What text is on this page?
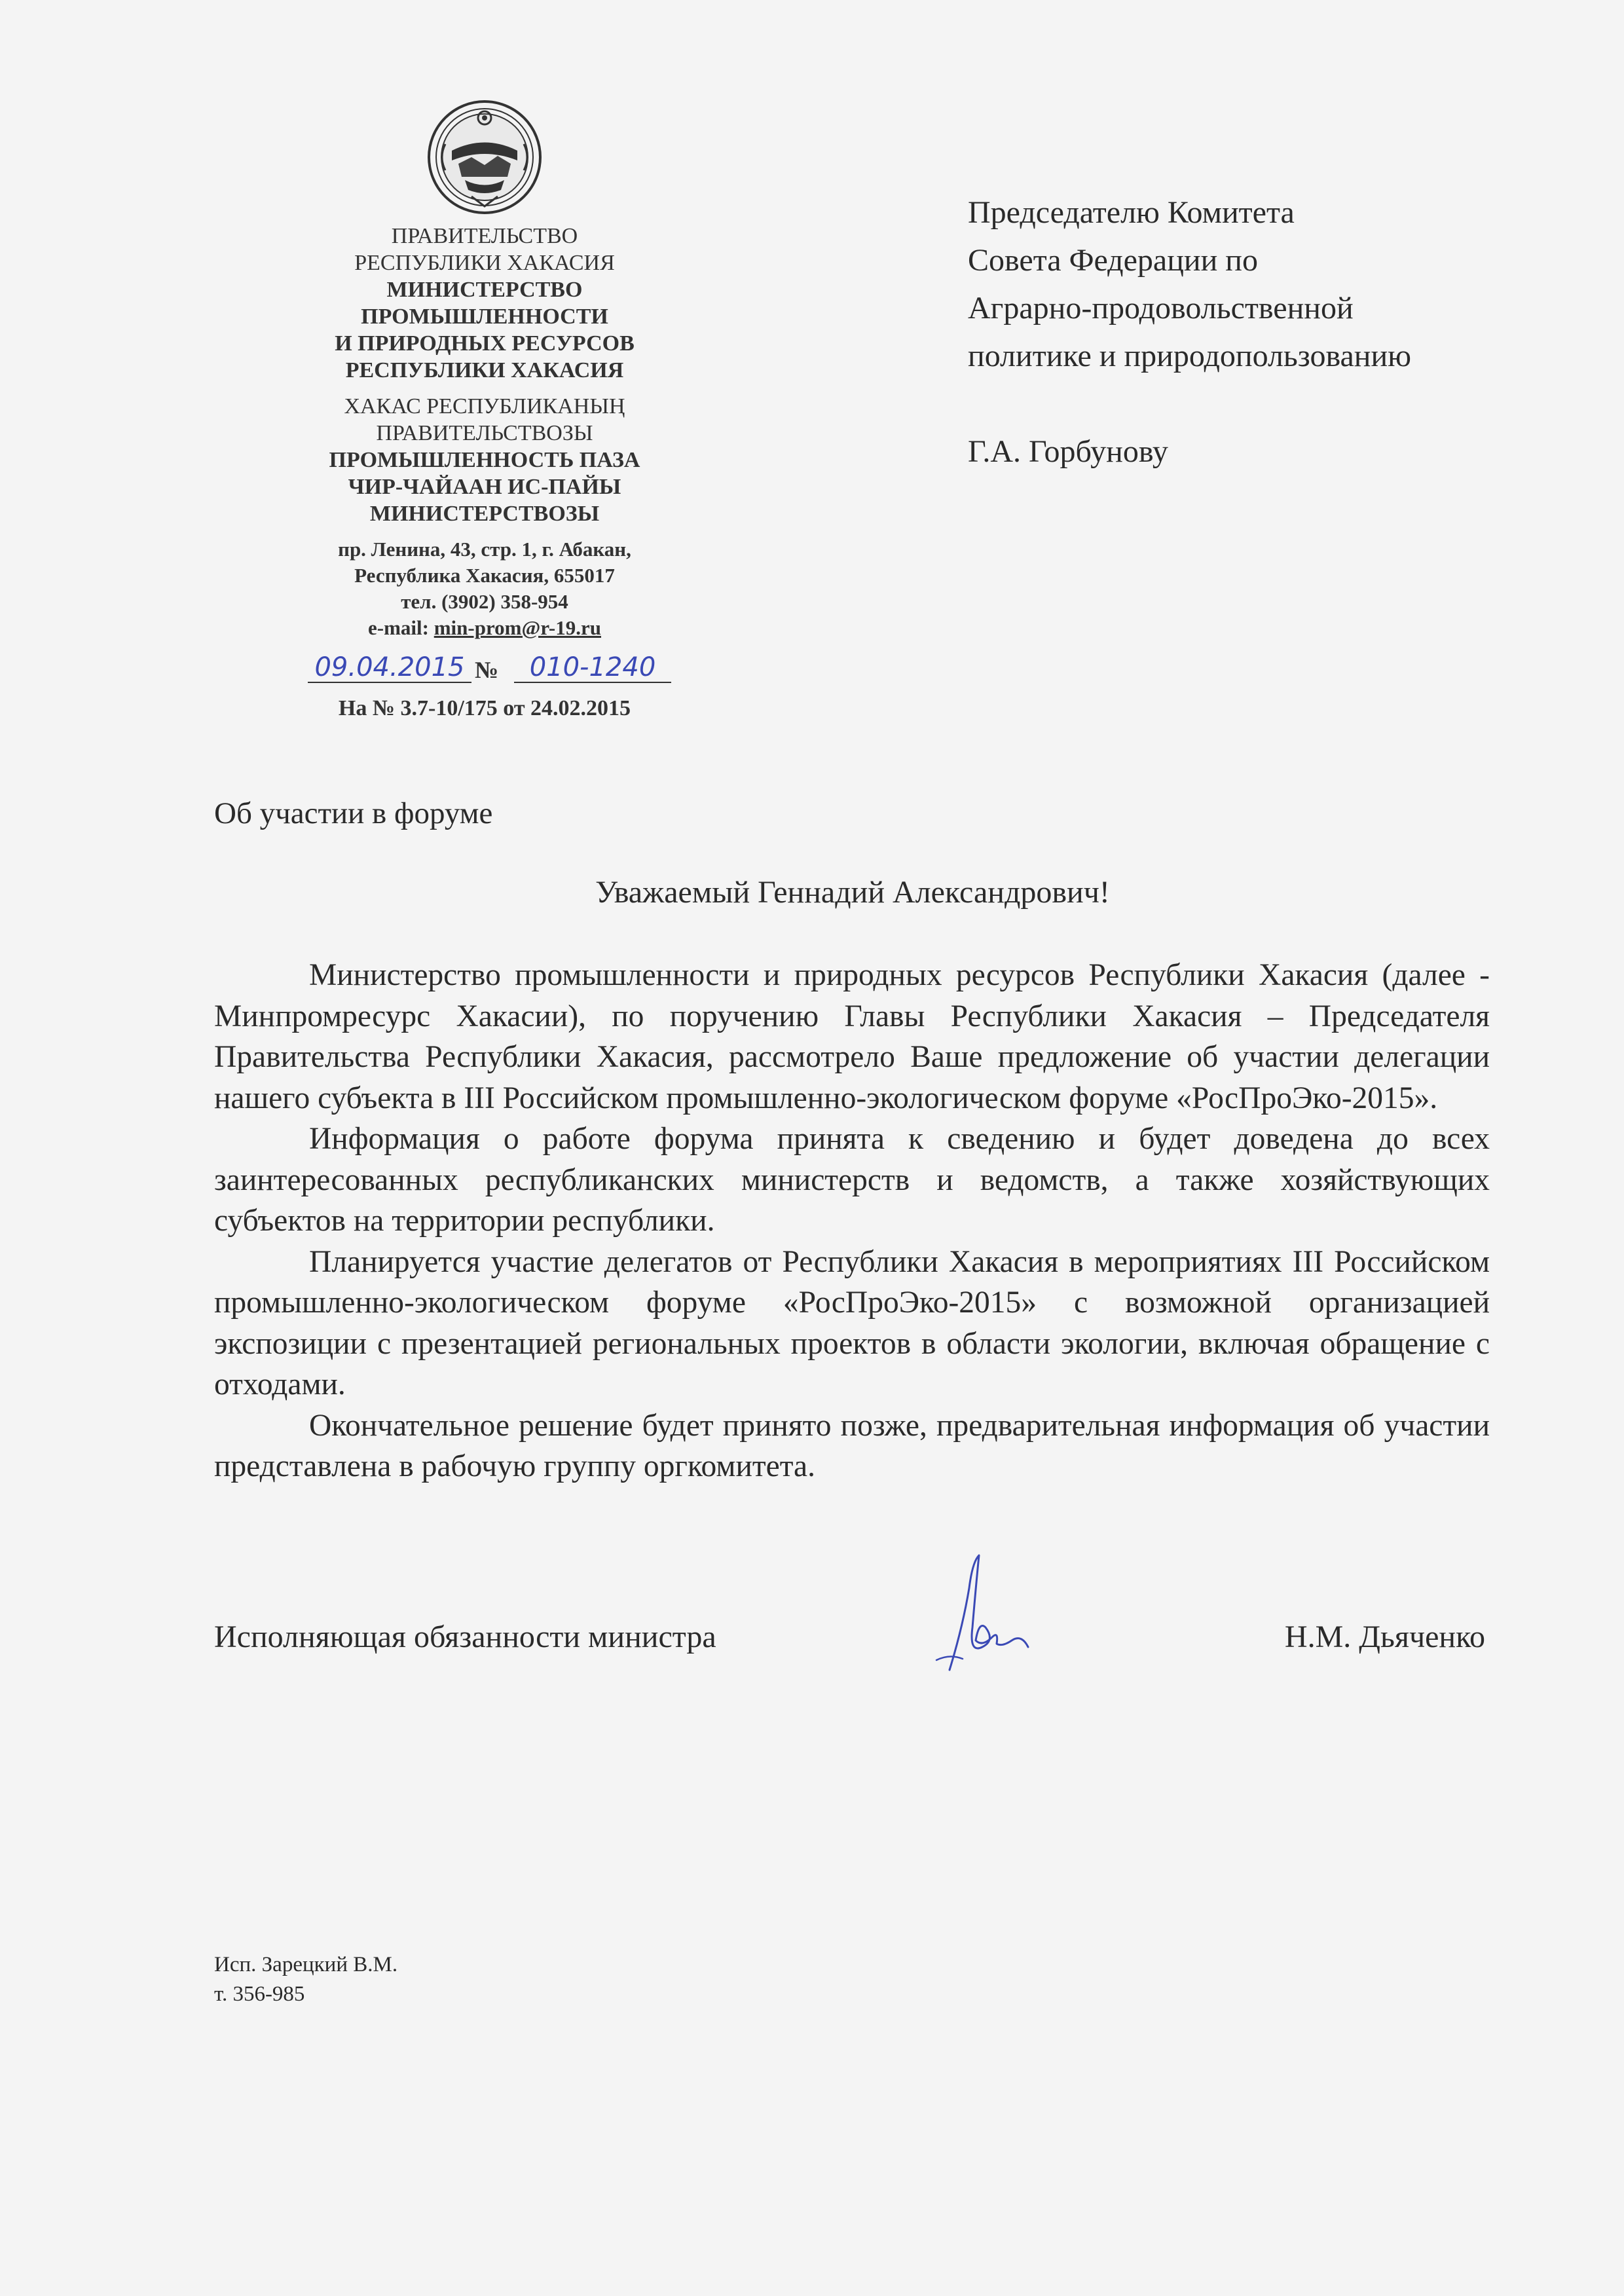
ПРАВИТЕЛЬСТВО
РЕСПУБЛИКИ ХАКАСИЯ
МИНИСТЕРСТВО
ПРОМЫШЛЕННОСТИ
И ПРИРОДНЫХ РЕСУРСОВ
РЕСПУБЛИКИ ХАКАСИЯ
ХАКАС РЕСПУБЛИКАНЫҢ
ПРАВИТЕЛЬСТВОЗЫ
ПРОМЫШЛЕННОСТЬ ПАЗА
ЧИР-ЧАЙААН ИС-ПАЙЫ
МИНИСТЕРСТВОЗЫ
пр. Ленина, 43, стр. 1, г. Абакан,
Республика Хакасия, 655017
тел. (3902) 358-954
e-mail: min-prom@r-19.ru
09.04.2015 №	010-1240
На № 3.7-10/175 от 24.02.2015
Председателю Комитета
Совета Федерации по
Аграрно-продовольственной
политике и природопользованию
Г.А. Горбунову
Об участии в форуме
Уважаемый Геннадий Александрович!

Министерство промышленности и природных ресурсов Республики Хакасия (далее - Минпромресурс Хакасии), по поручению Главы Республики Хакасия – Председателя Правительства Республики Хакасия, рассмотрело Ваше предложение об участии делегации нашего субъекта в III Российском промышленно-экологическом форуме «РосПроЭко-2015».

Информация о работе форума принята к сведению и будет доведена до всех заинтересованных республиканских министерств и ведомств, а также хозяйствующих субъектов на территории республики.

Планируется участие делегатов от Республики Хакасия в мероприятиях III Российском промышленно-экологическом форуме «РосПроЭко-2015» с возможной организацией экспозиции с презентацией региональных проектов в области экологии, включая обращение с отходами.

Окончательное решение будет принято позже, предварительная информация об участии представлена в рабочую группу оргкомитета.

Исполняющая обязанности министра	Н.М. Дьяченко
Исп. Зарецкий В.М.
т. 356-985
